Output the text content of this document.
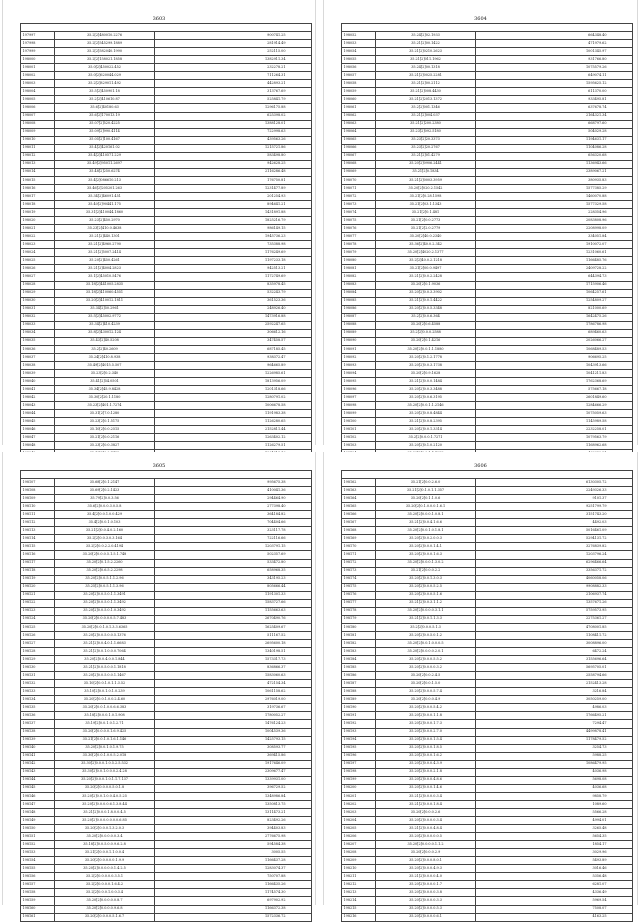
3603

197997	35.2[2]480010.2276	900741.25
197998	35.2[2]545299.1889	281914.49
197999	35.2[2]582040.1990	252115.00
198000	35.2[2]158021.1858	1382911.34
198001	35.0[2]450022.452	232278.21
198002	35.0[2]620044.029	711264.31
198003	35.2[2]829011.492	442893.21
198004	35.5[2]450901.18	313767.69
198005	35.2[2]410610.87	525841.79
198006	35.6[2]40180.63	1296175.88
198007	35.6[2]170013.19	625398.02
198008	35.07[2]520.4225	1388128.01
198009	35.09[2]990.4114	722998.63
198010	35.05[2]100.4167	439563.26
198011	35.4[2]420161.02	1215721.86
198012	35.4[2]410571.229	583498.80
198013	35.49[2]95011.2697	942628.25
198014	35.48[2]250.6274	2116286.48
198015	35.4[2]086610.213	176750.81
198016	35.46[2]205201.263	1231477.89
198017	35.34[2]46091.451	201254.93
198018	35.40[2]90441.175	894641.21
198019	35.31[2]410044.1860	1431891.88
198020	35.23[2]450.2970	1825216.79
198021	35.23[2]410.0.4638	986149.15
198022	35.21[2]440.1301	1945736.23
198023	35.21[2]4960.2790	735388.98
198024	35.21[2]5007.2414	1176249.69
198025	35.20[2]450.4261	1197233.18
198026	35.21[2]4004.2823	942513.21
198027	35.1[2]45010.5476	1172749.69
198028	35.18[2]441005.2835	835978.45
198029	35.18[2]410060.4551	532243.79
198030	35.20[2]410012.1811	361523.36
198031	35.34[2]50.2961	248926.40
198032	35.5[2]45002.9772	1473916.88
198033	35.34[2]410.4239	2592247.65
198034	35.8[2]430012.124	306612.16
198035	35.43[2]40.5208	347458.57
198036	35.2[2]40.2609	687185.45
198037	35.24[2]410.8.938	938372.47
198038	35.49[2]4015.5.507	964665.89
198039	35.23[2]0.2.340	1226985.61
198040	35.41[2]54.0501	1813956.09
198041	35.34[2]45.9.8428	1201318.66
198042	35.30[2]20.1.1180	1280791.02
198043	35.23[2]401.1.7274	1006678.58
198044	35.31[2]7.0.1280	1191983.38
198045	35.23[2]0.1.5175	1126280.65
198046	35.10[2]0.0.2515	2152811.44
198047	35.21[2]0.0.2116	1263402.12
198048	35.23[2]0.0.3827	1126279.51

3604

198052	35.24[2]02.1933	664348.40
198053	35.21[2]00.1422	471979.62
198054	35.21[2]0210.2623	1001345.97
198055	35.21[2]011.1962	931766.80
198056	35.24[2]00.1318	1075579.26
198057	35.21[2]0025.2281	649074.11
198058	35.21[2]00.2112	1595625.12
198059	35.21[2]008.4430	611370.00
198060	35.21[2]2013.1372	933495.81
198061	35.2[2]001.1346	637678.74
198062	35.21[2]004.037	2164321.34
198063	35.21[2]200.2380	668797.60
198064	35.23[2]092.5180	504029.28
198065	35.23[2]20.3373	1194631.17
198066	35.23[2]20.2767	1104086.28
198067	35.21[2]01.4279	656320.68
198068	35.20[2]0906.2441	1136943.66
198069	35.21[2]0.1834	2389067.21
198070	35.21[2]0003.3959	380935.83
198071	35.20[2]020.2.1542	1577385.29
198072	35.21[2]0.28.1598	1460070.88
198073	35.21[2]03.1.1343	1577329.58
198074	35.21[2]0.1.481	228354.96
198075	35.21[2]0.0.2773	2083808.96
198076	35.21[2]2.0.2779	2208998.09
198077	35.20[2]40.0.2340	334051.84
198078	35.36[2]40.0.2.342	1910072.07
198079	35.20[2]4020.2.1377	1231060.61
198080	35.2[2]40.0.2.1218	1166485.76
198081	35.21[2]00.0.9497	2409728.22
198082	35.21[2]0.0.2.2428	644394.73
198083	35.20[2]0.1.9036	1715906.46
198084	35.20[2]0.0.3.3902	1064257.61
198085	35.21[2]0.0.1.4422	1254809.27
198086	35.20[2]0.0.5.3348	821000.69
198087	35.2[2]0.0.6.364	1642475.26
198088	35.20[2]0.6.4588	1786786.98
198089	35.2[2]0.0.0.2588	689460.63
198090	35.20[2]0.1.4216	2026066.27
198091	35.20[2]0.0.1.1.1880	1068489.53
198092	35.20[2]0.1.2.1778	906695.25
198093	35.20[2]0.0.3.1738	1043913.66
198094	35.20[2]0.9.1628	1041211.83
198095	35.21[2]0.0.0.1484	1762368.69
198096	35.20[2]0.0.3.3488	575667.18
198097	35.20[2]0.0.6.3195	2601849.60
198098	35.20[2]0.0.1.1.2146	1284666.29
198099	35.20[2]0.0.8.4844	1075059.63
198100	35.21[2]0.0.8.2395	1145989.58
198101	35.20[2]0.0.1.3314	2232258.01
198102	35.2[2]0.0.0.1.7271	1079563.79
198103	35.20[2]0.1.0.2120	1168962.68

3605

198107	35.68[2]0.1.2147	995675.38
198108	35.69[2]0.2.1423	410041.36
198109	35.79[2]0.0.3.56	294464.90
198110	35.6[2]0.0.0.3.0.5.8	277398.40
198111	35.4[2]0.0.1.0.0.429	364184.82
198112	35.4[2]0.0.1.0.103	704404.66
198113	35.21[2]0.0.4.0.2.160	323117.78
198114	35.2[2]0.0.3.0.3.164	722116.66
198115	35.2[2]0.0.2.2.0.4194	1203791.15
198116	35.20[2]0.0.0.5.1.5.1.748	502357.69
198117	35.20[2]0.1.5.2.2260	533472.80
198118	35.20[2]0.6.5.2.2298	658968.35
198119	35.20[2]0.0.5.1.1.2.96	343195.23
198120	35.25[2]0.0.5.1.1.3.96	805666.44
198121	35.20[2]0.0.5.0.1.1.3491	1191301.33
198122	35.20[2]0.0.5.0.1.1.3492	1583727.66
198123	35.20[2]0.0.5.0.1.0.3492	1155663.63
198124	35.20[2]0.0.0.0.0.5.7.483	2670490.76
198125	35.20[2]0.0.1.0.1.3.3.6365	1625409.67
198126	35.20[2]0.0.5.0.0.5.1376	511167.52
198127	35.21[2]0.0.4.0.1.1.6683	2695600.18
198128	35.21[2]0.0.1.0.0.0.7064	1340198.51
198129	35.20[2]0.0.4.0.0.1.844	1573317.73
198130	35.21[2]0.0.5.0.0.1.1818	836866.37
198131	35.20[2]0.0.5.0.0.1.1467	1583060.63
198132	35.10[2]0.0.1.0.1.1.3.52	472154.34
198133	35.10[2]0.0.1.0.1.0.239	1061158.62
198134	35.20[2]0.0.1.0.0.2.4.60	2976019.00
198135	35.20[2]0.0.1.0.0.6.6.383	319736.67
198136	35.18[2]0.0.0.1.0.1.908	1780052.27
198137	35.19[2]0.0.1.0.1.2.71	1476124.23
198138	35.20[2]0.0.0.0.1.6.9.425	1004539.36
198139	35.21[2]0.0.1.0.1.6.1.146	1425793.15
198140	35.20[2]0.0.1.0.1.9.75	308593.77
198141	35.30[2]0.0.1.0.0.5.2.018	369415.86
198142	35.30[2]0.0.0.1.0.5.2.5.532	1917646.09
198143	35.30[2]0.0.1.0.0.0.2.4.28	2309677.47
198144	35.20[2]0.0.0.1.0.1.1.7.137	1339931.00
198145	35.20[2]0.0.0.0.5.0.1.8	396729.52
198146	35.20[2]0.0.1.0.0.4.0.5.25	1348986.84
198147	35.20[2]0.0.0.0.6.1.3.8.44	1350813.75
198148	35.21[2]0.0.0.1.8.0.0.4.5	1311473.21
198149	35.20[2]0.0.0.0.0.0.0.6.85	823492.26
198150	35.20[2]0.0.0.1.3.2.0.3	394403.83
198151	35.20[2]0.0.0.0.0.3.4	2776675.98
198152	35.18[2]0.0.5.0.0.9.6.2.8	594584.38
198153	35.21[2]0.0.0.1.1.0.0.4	3005.55
198154	35.20[2]0.0.0.0.0.1.9.9	1166437.28
198155	35.20[2]0.0.0.0.0.1.4.2.5	1283074.37
198156	35.2[2]0.0.0.0.0.3.5.1	750707.88
198157	35.2[2]0.0.0.0.1.6.4.2	1166435.26
198158	35.2[2]0.0.0.1.0.0.3.4	1174574.30
198159	35.20[2]0.0.0.0.0.8.7	697902.92
198160	35.20[2]0.0.0.0.9.6.8	1166372.38
198161	35.20[2]0.0.0.0.5.1.6.7	1572336.72
3606

198162	35.21[2]0.0.2.6.0	6130305.72
198163	35.21[2]0.1.0.1.1.357	2249326.33
198164	35.20[2]0.1.1.0.6	9101.37
198165	35.20[2]0.1.0.0.0.1.6.1	9251799.79
198166	35.20[2]0.0.0.1.0.8.1	3151743.20
198167	35.21[2]0.0.4.1.6.6	4492.03
198168	35.20[2]0.0.1.0.1.8.1	5016461.09
198169	35.20[2]0.0.2.0.0.3	5294131.72
198170	35.20[2]0.0.0.1.4.1	3276839.82
198171	35.20[2]0.0.0.1.6.3	1203796.24
198172	35.20[2]0.0.0.1.3.0.2	6296466.64
198173	35.21[2]0.0.0.2.2	3356371.72
198174	35.20[2]0.0.1.3.0.3	4060058.06
198175	35.20[2]0.0.0.5.2.5	9908882.33
198176	35.20[2]0.0.0.5.1.6	2106937.74
198177	35.21[2]0.0.3.1.1.2	1357671.26
198178	35.20[2]0.0.0.0.3.1.1	5759573.95
198179	35.21[2]0.0.1.1.3.3	2275361.27
198180	35.2[2]0.0.0.5.1.3	4708001.85
198181	35.20[2]0.0.5.0.1.2	1108411.72
198182	35.20[2]0.0.1.0.0.0.5	3008896.00
198183	35.20[2]0.0.0.0.2.0.1	6472.24
198184	35.20[2]0.0.0.5.5.2	3155696.64
198185	35.20[2]0.0.0.0.3.2	5695705.01
198186	35.20[2]0.0.2.4.5	2558794.66
198187	35.20[2]0.0.1.5.0	2152413.28
198188	35.20[2]0.0.0.5.7.4	3216.84
198189	35.20[2]0.0.0.4.9	3050259.00
198190	35.20[2]0.0.0.5.4.2	4986.03
198191	35.20[2]0.0.0.1.1.8	1766495.21
198192	35.20[2]0.0.0.1.7.3	7294.47
198193	35.20[2]0.0.0.2.7.0	4499878.41
198194	35.20[2]0.0.0.1.5.4	1178479.52
198195	35.20[2]0.0.0.1.8.5	3254.73
198196	35.20[2]0.0.0.1.6.2	5988.25
198197	35.20[2]0.0.0.4.3.9	1086479.95
198198	35.20[2]0.0.0.2.1.8	4036.98
198199	35.20[2]0.0.0.4.8.6	5698.08
198200	35.20[2]0.0.0.1.4.6	4036.68
198201	35.21[2]0.0.0.0.3.4	9858.79
198202	35.21[2]0.0.0.1.8.4	1089.60
198203	35.20[2]0.0.0.2.6	5566.28
198204	35.20[2]0.0.0.0.3.4	4994.01
198205	35.21[2]0.0.0.4.8.4	3265.48
198206	35.20[2]0.0.0.0.0.5	5654.35
198207	35.20[2]0.0.0.0.1.1.2	1854.17
198208	35.20[2]0.0.0.2.9	3029.96
198209	35.20[2]0.0.0.8.0.1	5493.89
198210	35.20[2]0.0.0.4.9.3	3016.46
198211	35.21[2]0.0.0.0.4.0	5356.48
198212	35.20[2]0.0.0.0.1.7	6281.07
198213	35.20[2]0.0.0.0.3.8	4336.49
198214	35.20[2]0.0.0.0.3.3	5969.54
198215	35.20[2]0.0.0.0.5.3	7508.07
198216	35.20[2]0.0.0.0.6.1	4163.25
